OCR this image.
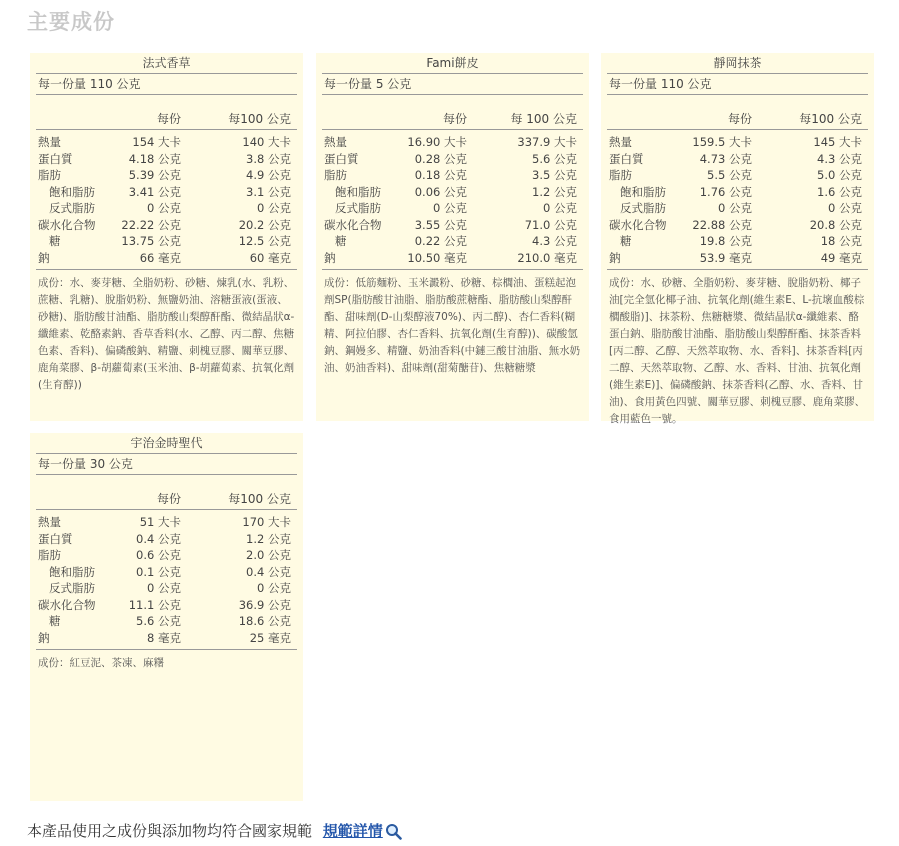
主要成份
法式香草
每一份量 110 公克
每份	每100 公克
熱量	154 大卡	140 大卡
蛋白質	4.18 公克	3.8 公克
脂肪	5.39 公克	4.9 公克
飽和脂肪	3.41 公克	3.1 公克
反式脂肪	0 公克	0 公克
碳水化合物 22.22 公克	20.2 公克
糖	13.75 公克	12.5 公克
鈉	66 毫克	60 毫克
成份：水、麥芽糖、全脂奶粉、砂糖、煉乳(水、乳粉、蔗糖、乳糖)、脫脂奶粉、無鹽奶油、溶糖蛋液(蛋液、砂糖)、脂肪酸甘油酯、脂肪酸山梨醇酐酯、微結晶狀α-纖維素、乾酪素鈉、香草香料(水、乙醇、丙二醇、焦糖色素、香料)、偏磷酸鈉、精鹽、刺槐豆膠、關華豆膠、鹿角菜膠、β-胡蘿蔔素(玉米油、β-胡蘿蔔素、抗氧化劑(生育醇))
Fami餅皮
每一份量 5 公克
每份	每 100 公克
熱量	16.90 大卡	337.9 大卡
蛋白質	0.28 公克	5.6 公克
脂肪	0.18 公克	3.5 公克
飽和脂肪	0.06 公克	1.2 公克
反式脂肪	0 公克	0 公克
碳水化合物	3.55 公克	71.0 公克
糖	0.22 公克	4.3 公克
鈉	10.50 毫克	210.0 毫克
成份：低筋麵粉、玉米澱粉、砂糖、棕櫚油、蛋糕起泡劑SP(脂肪酸甘油脂、脂肪酸蔗糖酯、脂肪酸山梨醇酐酯、甜味劑(D-山梨醇液70%)、丙二醇)、杏仁香料(糊精、阿拉伯膠、杏仁香料、抗氧化劑(生育醇))、碳酸氫鈉、鋼嫚多、精鹽、奶油香料(中鏈三酸甘油脂、無水奶油、奶油香料)、甜味劑(甜菊醣苷)、焦糖糖漿
靜岡抹茶
每一份量 110 公克
每份	每100 公克
熱量	159.5 大卡	145 大卡
蛋白質	4.73 公克	4.3 公克
脂肪	5.5 公克	5.0 公克
飽和脂肪	1.76 公克	1.6 公克
反式脂肪	0 公克	0 公克
碳水化合物 22.88 公克	20.8 公克
糖	19.8 公克	18 公克
鈉	53.9 毫克	49 毫克
成份：水、砂糖、全脂奶粉、麥芽糖、脫脂奶粉、椰子油[完全氫化椰子油、抗氧化劑(維生素E、L-抗壞血酸棕櫚酸脂)]、抹茶粉、焦糖糖漿、微結晶狀α-纖維素、酪蛋白鈉、脂肪酸甘油酯、脂肪酸山梨醇酐酯、抹茶香料[丙二醇、乙醇、天然萃取物、水、香料]、抹茶香料[丙二醇、天然萃取物、乙醇、水、香料、甘油、抗氧化劑(維生素E)]、偏磷酸鈉、抹茶香料(乙醇、水、香料、甘油)、食用黃色四號、關華豆膠、刺槐豆膠、鹿角菜膠、食用藍色一號。
宇治金時聖代
每一份量 30 公克
每份	每100 公克
熱量	51 大卡	170 大卡
蛋白質	0.4 公克	1.2 公克
脂肪	0.6 公克	2.0 公克
飽和脂肪	0.1 公克	0.4 公克
反式脂肪	0 公克	0 公克
碳水化合物	11.1 公克	36.9 公克
糖	5.6 公克	18.6 公克
鈉	8 毫克	25 毫克
成份：紅豆泥、茶凍、麻糬
本產品使用之成份與添加物均符合國家規範 規範詳情
